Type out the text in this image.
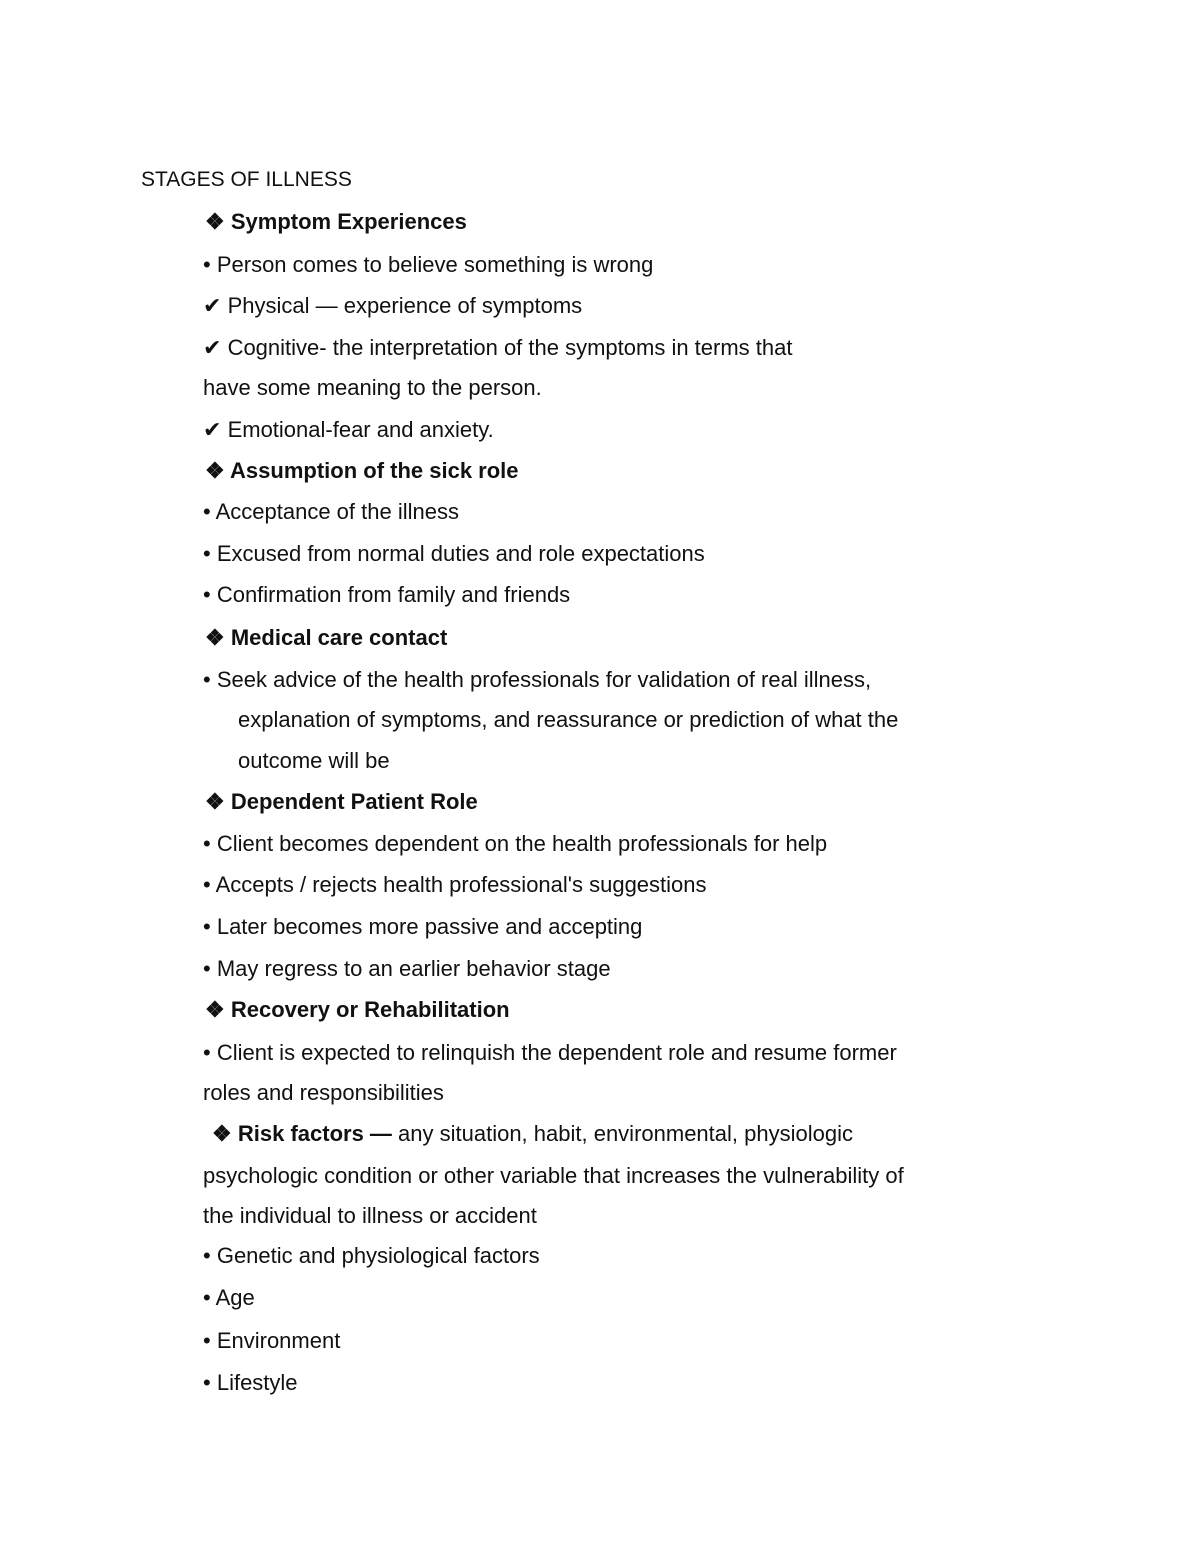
STAGES OF ILLNESS
❖ Symptom Experiences
• Person comes to believe something is wrong
✔ Physical — experience of symptoms
✔ Cognitive- the interpretation of the symptoms in terms that
have some meaning to the person.
✔ Emotional-fear and anxiety.
❖ Assumption of the sick role
• Acceptance of the illness
• Excused from normal duties and role expectations
• Confirmation from family and friends
❖ Medical care contact
• Seek advice of the health professionals for validation of real illness,
explanation of symptoms, and reassurance or prediction of what the
outcome will be
❖ Dependent Patient Role
• Client becomes dependent on the health professionals for help
• Accepts / rejects health professional's suggestions
• Later becomes more passive and accepting
• May regress to an earlier behavior stage
❖ Recovery or Rehabilitation
• Client is expected to relinquish the dependent role and resume former
roles and responsibilities
❖ Risk factors — any situation, habit, environmental, physiologic
psychologic condition or other variable that increases the vulnerability of
the individual to illness or accident
• Genetic and physiological factors
• Age
• Environment
• Lifestyle
